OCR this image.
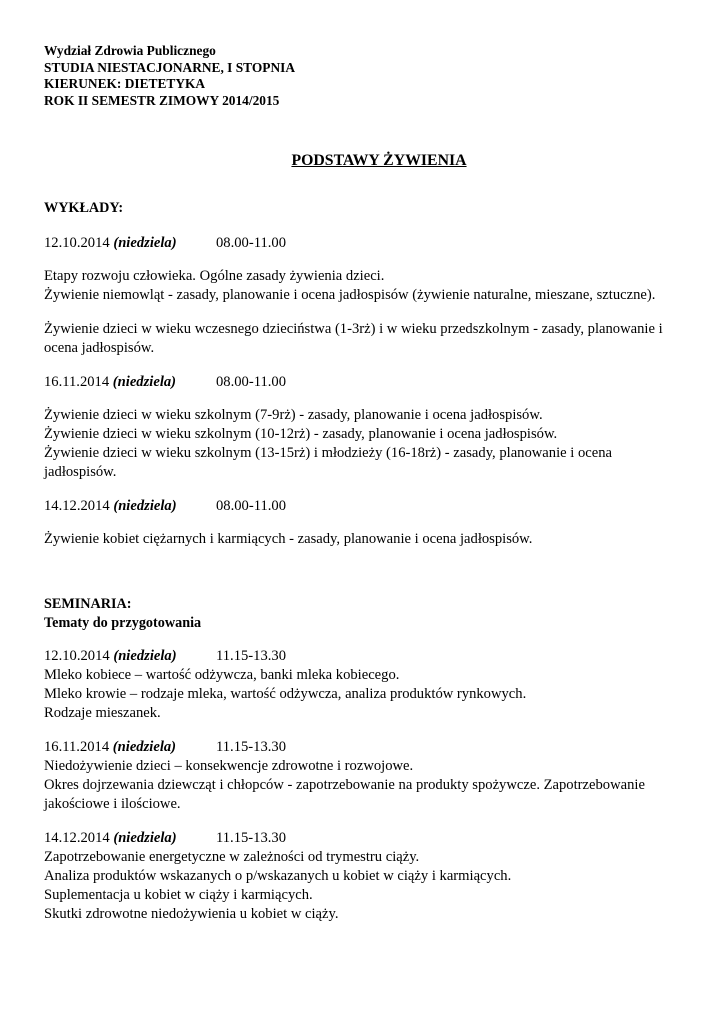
Wydział Zdrowia Publicznego

STUDIA NIESTACJONARNE, I STOPNIA

KIERUNEK: DIETETYKA

ROK II SEMESTR ZIMOWY 2014/2015

PODSTAWY ŻYWIENIA
WYKŁADY:

12.10.2014 (niedziela)	08.00-11.00

Etapy rozwoju człowieka. Ogólne zasady żywienia dzieci.

Żywienie niemowląt - zasady, planowanie i ocena jadłospisów (żywienie naturalne, mieszane, sztuczne).

Żywienie dzieci w wieku wczesnego dzieciństwa (1-3rż) i w wieku przedszkolnym - zasady, planowanie i ocena jadłospisów.

16.11.2014 (niedziela)	08.00-11.00

Żywienie dzieci w wieku szkolnym (7-9rż) - zasady, planowanie i ocena jadłospisów.

Żywienie dzieci w wieku szkolnym (10-12rż) - zasady, planowanie i ocena jadłospisów.

Żywienie dzieci w wieku szkolnym (13-15rż) i młodzieży (16-18rż) - zasady, planowanie i ocena jadłospisów.

14.12.2014 (niedziela)	08.00-11.00

Żywienie kobiet ciężarnych i karmiących - zasady, planowanie i ocena jadłospisów.

SEMINARIA:
Tematy do przygotowania

12.10.2014 (niedziela)	11.15-13.30

Mleko kobiece – wartość odżywcza, banki mleka kobiecego.

Mleko krowie – rodzaje mleka, wartość odżywcza, analiza produktów rynkowych.

Rodzaje mieszanek.

16.11.2014 (niedziela)	11.15-13.30

Niedożywienie dzieci – konsekwencje zdrowotne i rozwojowe.

Okres dojrzewania dziewcząt i chłopców - zapotrzebowanie na produkty spożywcze. Zapotrzebowanie jakościowe i ilościowe.

14.12.2014 (niedziela)	11.15-13.30

Zapotrzebowanie energetyczne w zależności od trymestru ciąży.

Analiza produktów wskazanych o p/wskazanych u kobiet w ciąży i karmiących.

Suplementacja u kobiet w ciąży i karmiących.

Skutki zdrowotne niedożywienia u kobiet w ciąży.
